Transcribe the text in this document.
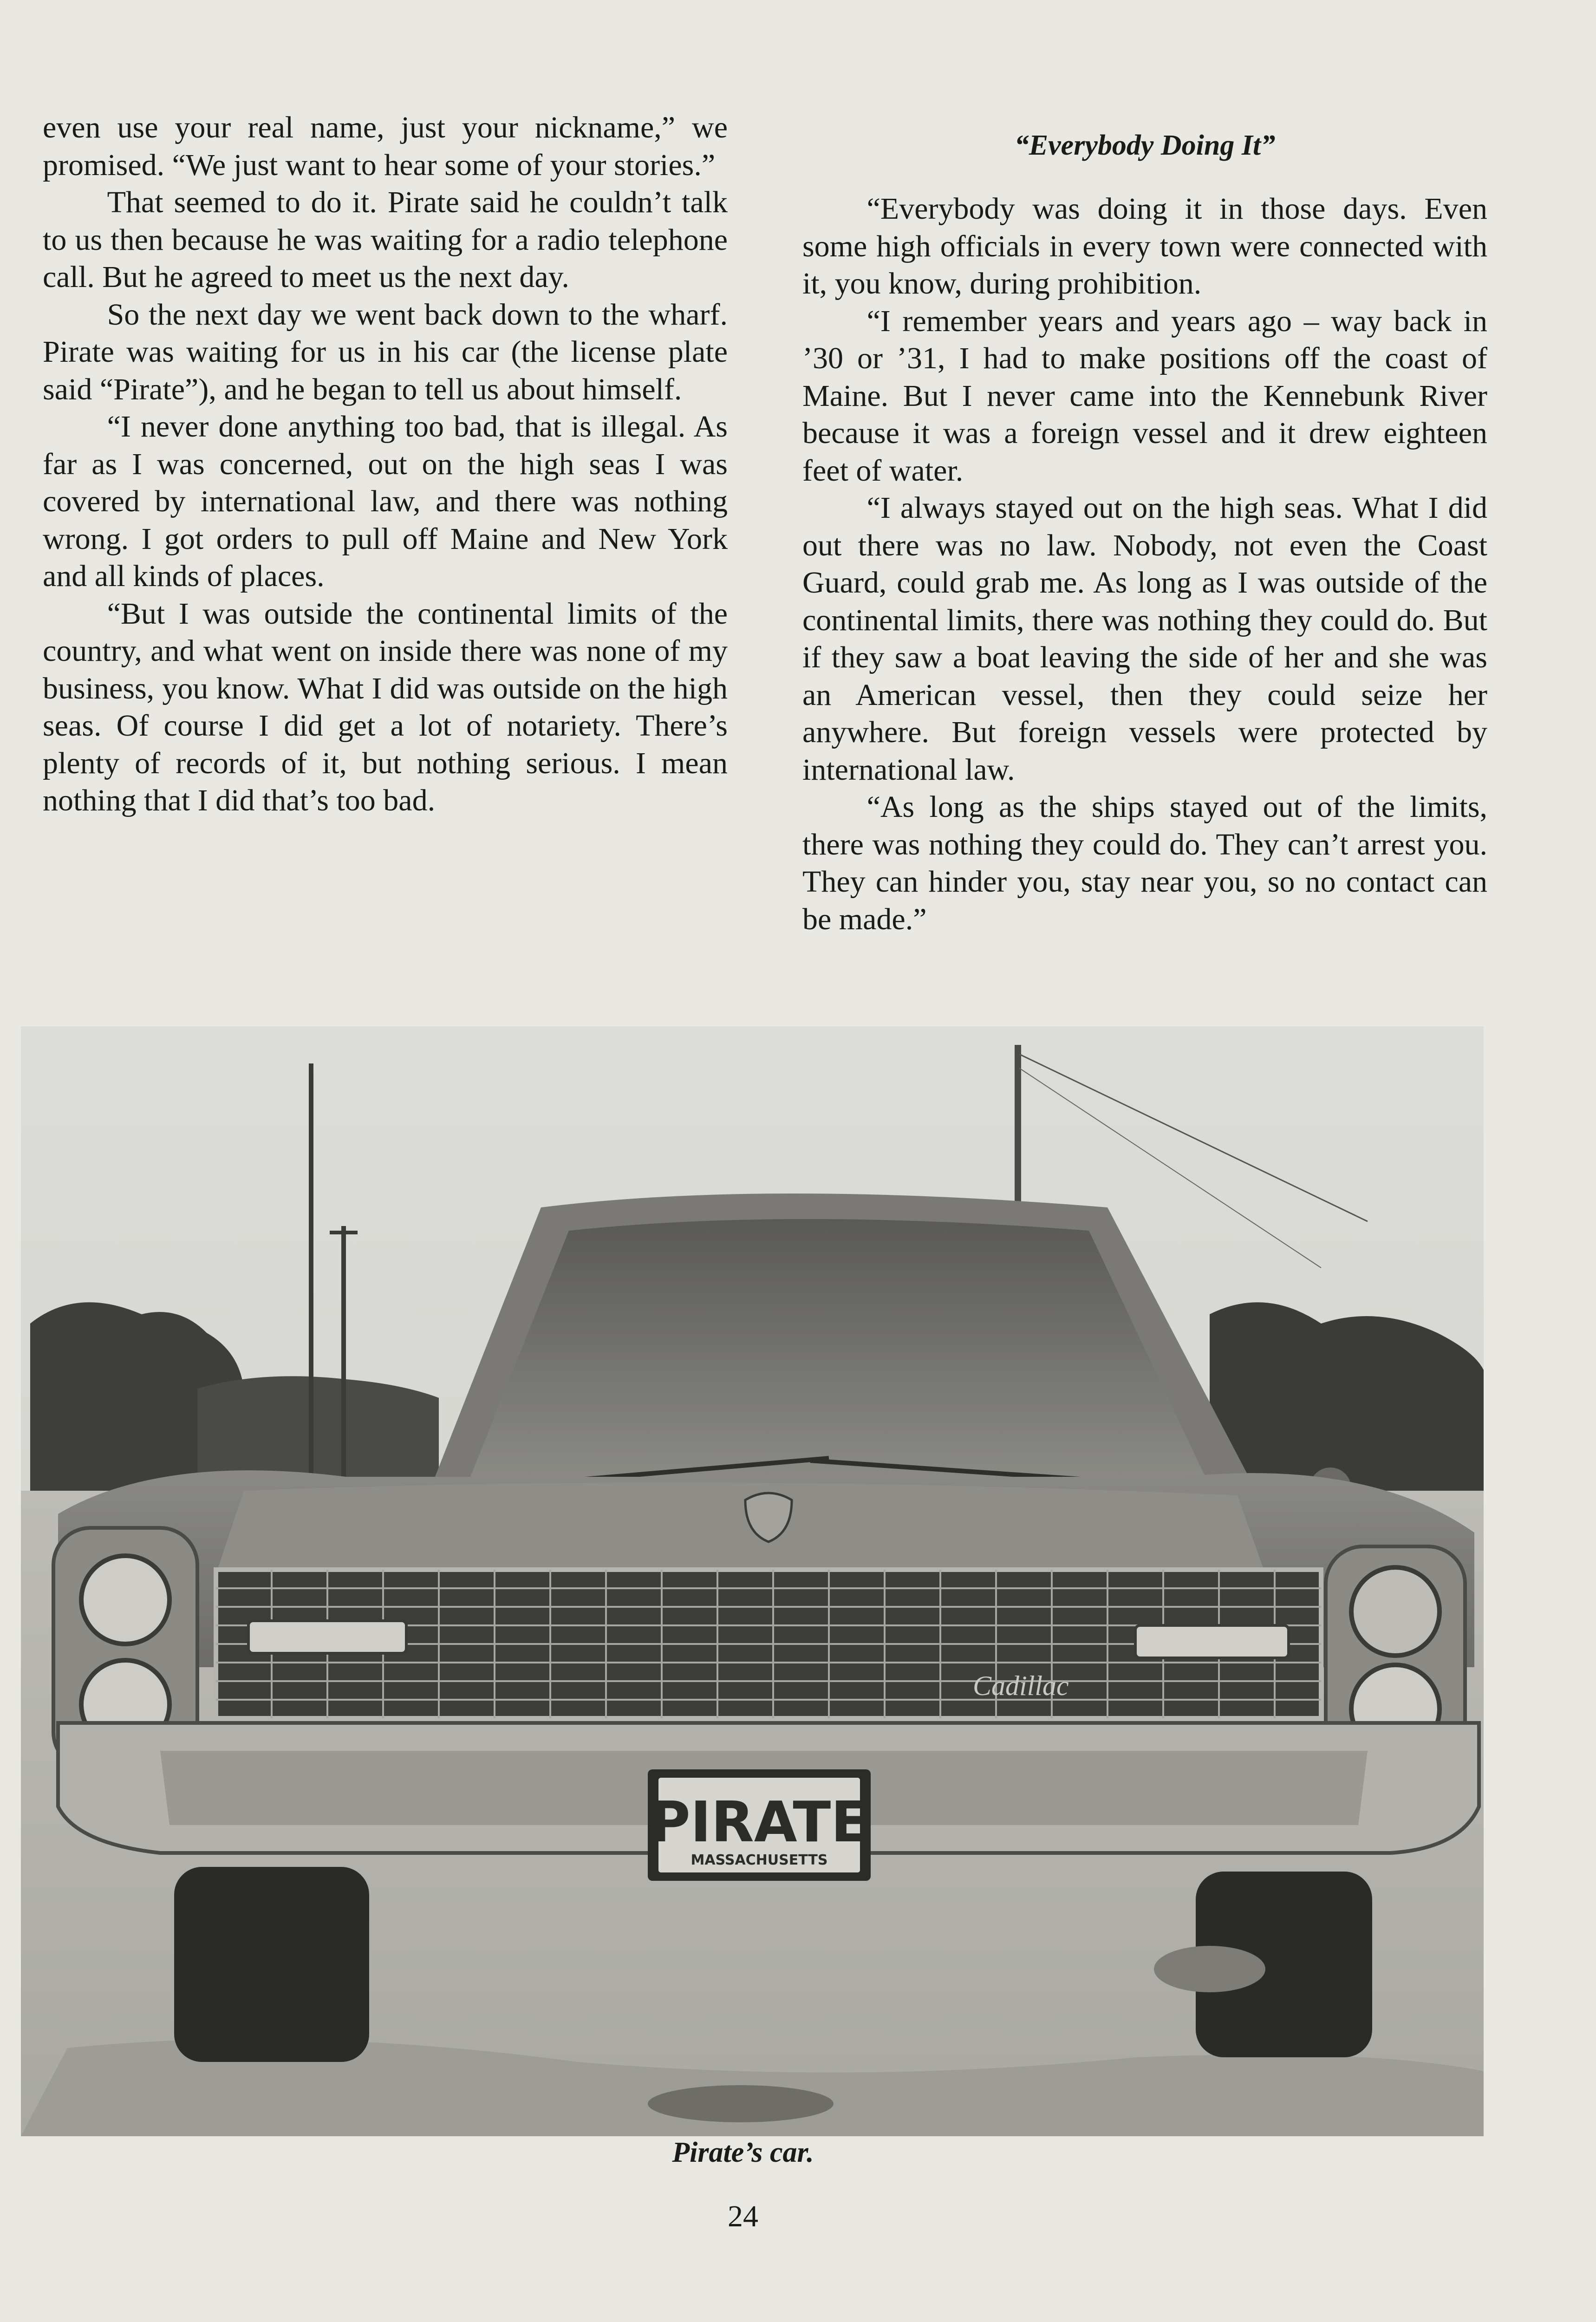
even use your real name, just your nickname,” we promised. “We just want to hear some of your stories.”

That seemed to do it. Pirate said he couldn’t talk to us then because he was waiting for a radio telephone call. But he agreed to meet us the next day.

So the next day we went back down to the wharf. Pirate was waiting for us in his car (the license plate said “Pirate”), and he began to tell us about himself.

“I never done anything too bad, that is illegal. As far as I was concerned, out on the high seas I was covered by international law, and there was nothing wrong. I got orders to pull off Maine and New York and all kinds of places.

“But I was outside the continental limits of the country, and what went on inside there was none of my business, you know. What I did was outside on the high seas. Of course I did get a lot of notariety. There’s plenty of records of it, but nothing serious. I mean nothing that I did that’s too bad.

“Everybody Doing It”

“Everybody was doing it in those days. Even some high officials in every town were connected with it, you know, during prohibition.

“I remember years and years ago – way back in ’30 or ’31, I had to make positions off the coast of Maine. But I never came into the Kennebunk River because it was a foreign vessel and it drew eighteen feet of water.

“I always stayed out on the high seas. What I did out there was no law. Nobody, not even the Coast Guard, could grab me. As long as I was outside of the continental limits, there was nothing they could do. But if they saw a boat leaving the side of her and she was an American vessel, then they could seize her anywhere. But foreign vessels were protected by international law.

“As long as the ships stayed out of the limits, there was nothing they could do. They can’t arrest you. They can hinder you, stay near you, so no contact can be made.”

Cadillac
PIRATE
MASSACHUSETTS
Pirate’s car.
24
